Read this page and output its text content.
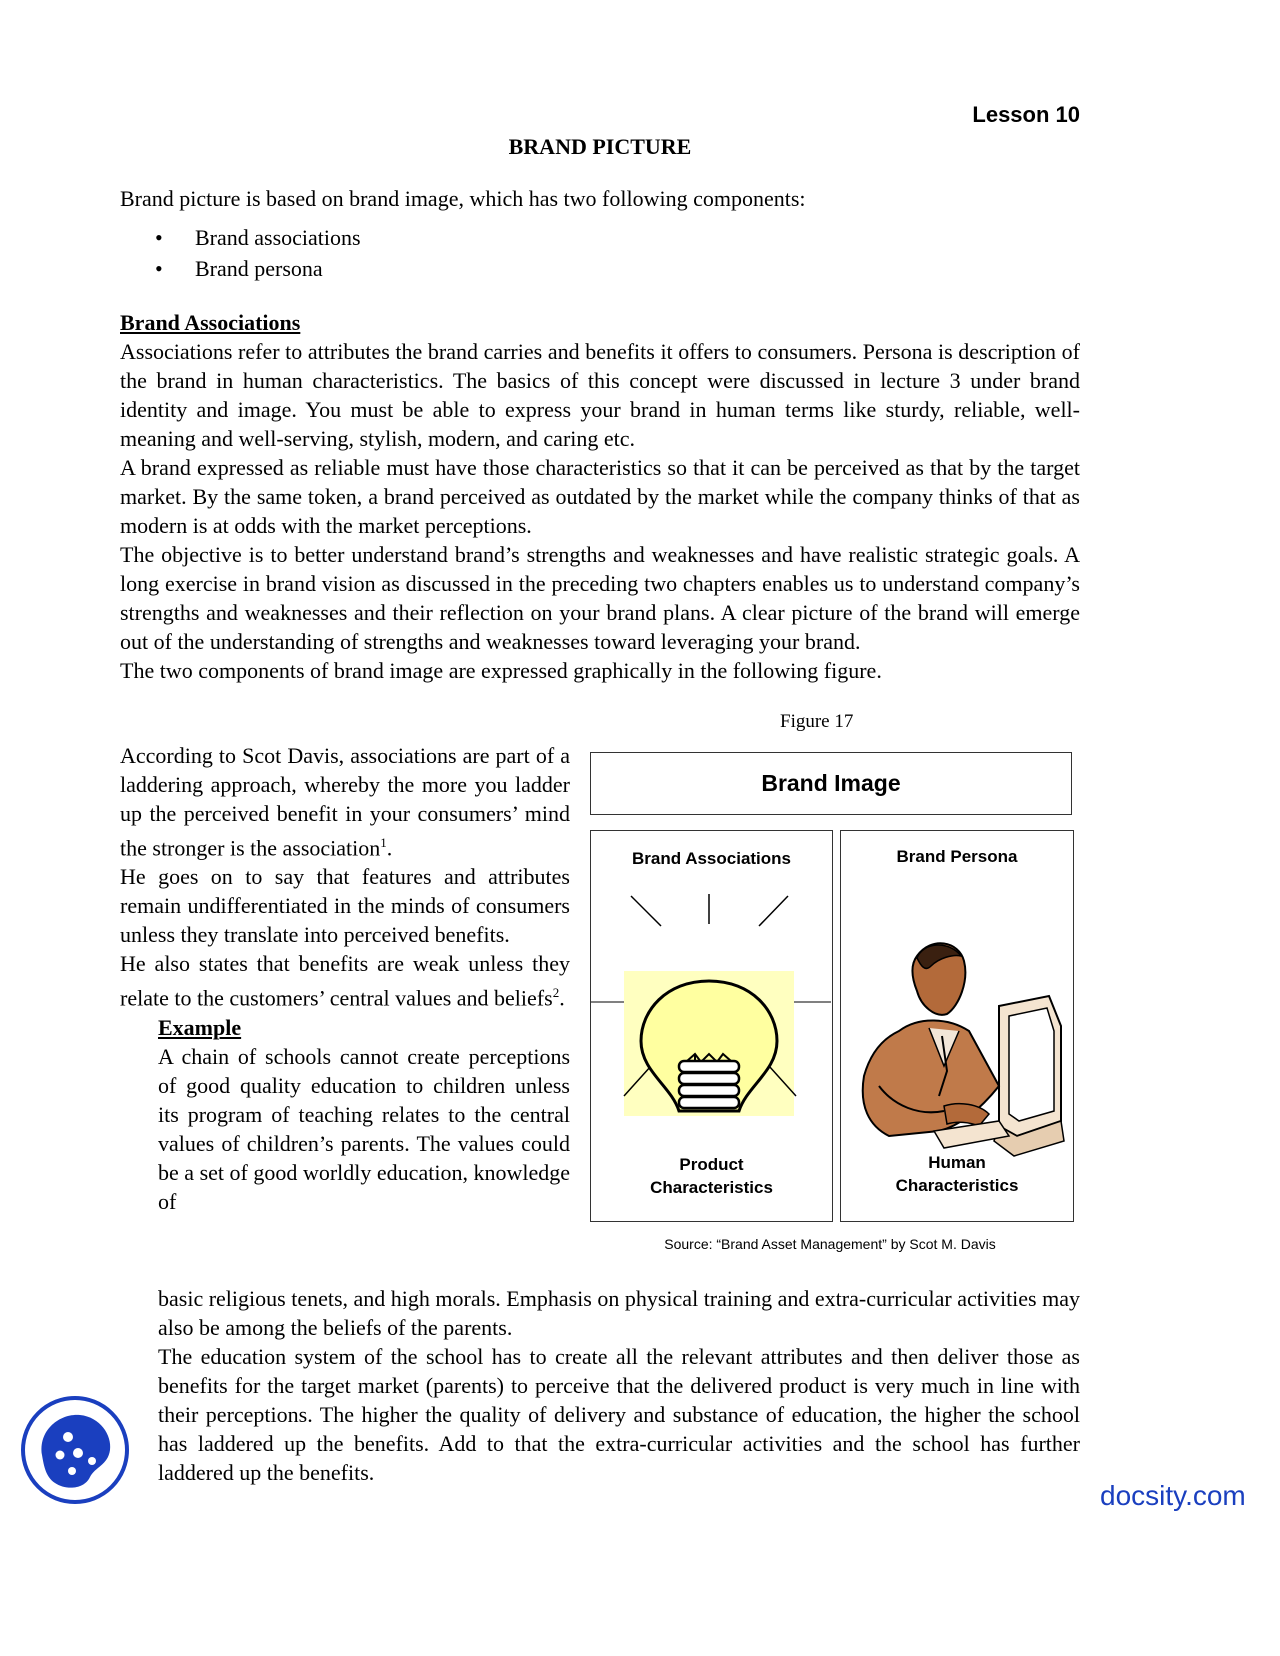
Lesson 10
BRAND PICTURE
Brand picture is based on brand image, which has two following components:
• Brand associations
• Brand persona
Brand Associations
Associations refer to attributes the brand carries and benefits it offers to consumers. Persona is description of the brand in human characteristics. The basics of this concept were discussed in lecture 3 under brand identity and image. You must be able to express your brand in human terms like sturdy, reliable, well-meaning and well-serving, stylish, modern, and caring etc.
A brand expressed as reliable must have those characteristics so that it can be perceived as that by the target market. By the same token, a brand perceived as outdated by the market while the company thinks of that as modern is at odds with the market perceptions.
The objective is to better understand brand’s strengths and weaknesses and have realistic strategic goals. A long exercise in brand vision as discussed in the preceding two chapters enables us to understand company’s strengths and weaknesses and their reflection on your brand plans. A clear picture of the brand will emerge out of the understanding of strengths and weaknesses toward leveraging your brand.
The two components of brand image are expressed graphically in the following figure.
Figure 17
According to Scot Davis, associations are part of a laddering approach, whereby the more you ladder up the perceived benefit in your consumers’ mind the stronger is the association$^1$.
He goes on to say that features and attributes remain undifferentiated in the minds of consumers unless they translate into perceived benefits.
He also states that benefits are weak unless they relate to the customers’ central values and beliefs$^2$.
Example
A chain of schools cannot create perceptions of good quality education to children unless its program of teaching relates to the central values of children’s parents. The values could be a set of good worldly education, knowledge of
basic religious tenets, and high morals. Emphasis on physical training and extra-curricular activities may also be among the beliefs of the parents.
The education system of the school has to create all the relevant attributes and then deliver those as benefits for the target market (parents) to perceive that the delivered product is very much in line with their perceptions. The higher the quality of delivery and substance of education, the higher the school has laddered up the benefits. Add to that the extra-curricular activities and the school has further laddered up the benefits.
Brand Image
Brand Associations
Product
Characteristics
Brand Persona
Human
Characteristics
Source: “Brand Asset Management” by Scot M. Davis
docsity.com
